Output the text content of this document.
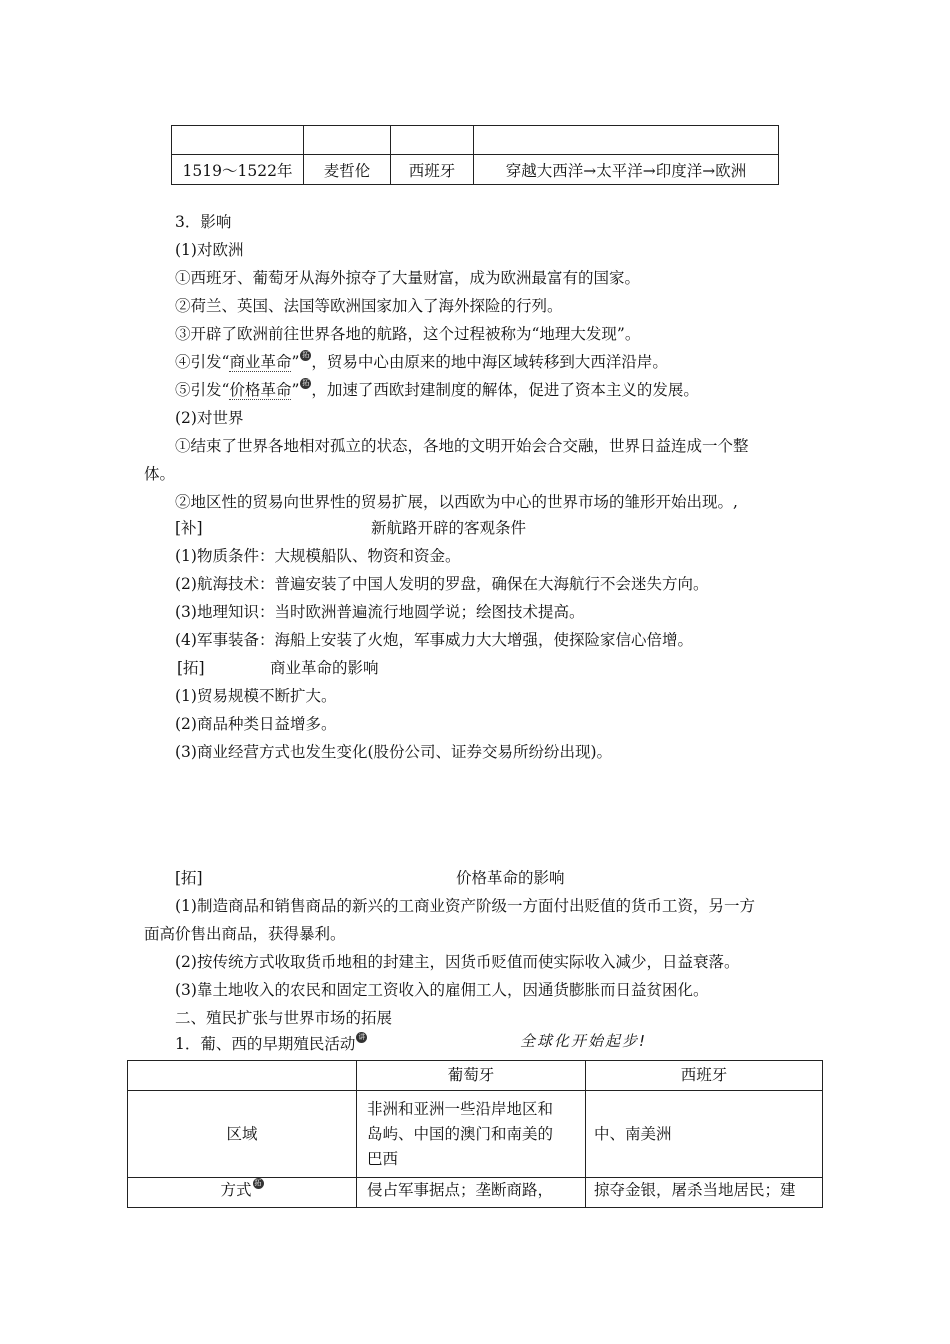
1519～1522年	麦哲伦	西班牙	穿越大西洋→太平洋→印度洋→欧洲
3．影响
(1)对欧洲
①西班牙、葡萄牙从海外掠夺了大量财富，成为欧洲最富有的国家。
②荷兰、英国、法国等欧洲国家加入了海外探险的行列。
③开辟了欧洲前往世界各地的航路，这个过程被称为“地理大发现”。
④引发“商业革命” 拓 ，贸易中心由原来的地中海区域转移到大西洋沿岸。
⑤引发“价格革命” 拓 ，加速了西欧封建制度的解体，促进了资本主义的发展。
(2)对世界
①结束了世界各地相对孤立的状态，各地的文明开始会合交融，世界日益连成一个整
体。
②地区性的贸易向世界性的贸易扩展，以西欧为中心的世界市场的雏形开始出现。,
[补]	新航路开辟的客观条件
(1)物质条件：大规模船队、物资和资金。
(2)航海技术：普遍安装了中国人发明的罗盘，确保在大海航行不会迷失方向。
(3)地理知识：当时欧洲普遍流行地圆学说；绘图技术提高。
(4)军事装备：海船上安装了火炮，军事威力大大增强，使探险家信心倍增。
[拓]	商业革命的影响
(1)贸易规模不断扩大。
(2)商品种类日益增多。
(3)商业经营方式也发生变化(股份公司、证券交易所纷纷出现)。
[拓]	价格革命的影响
(1)制造商品和销售商品的新兴的工商业资产阶级一方面付出贬值的货币工资，另一方
面高价售出商品，获得暴利。
(2)按传统方式收取货币地租的封建主，因货币贬值而使实际收入减少，日益衰落。
(3)靠土地收入的农民和固定工资收入的雇佣工人，因通货膨胀而日益贫困化。
二、殖民扩张与世界市场的拓展
1．葡、西的早期殖民活动 讲	全球化开始起步!
	葡萄牙	西班牙
区域	非洲和亚洲一些沿岸地区和
岛屿、中国的澳门和南美的
巴西	中、南美洲
方式 拓	侵占军事据点；垄断商路，	掠夺金银，屠杀当地居民；建
